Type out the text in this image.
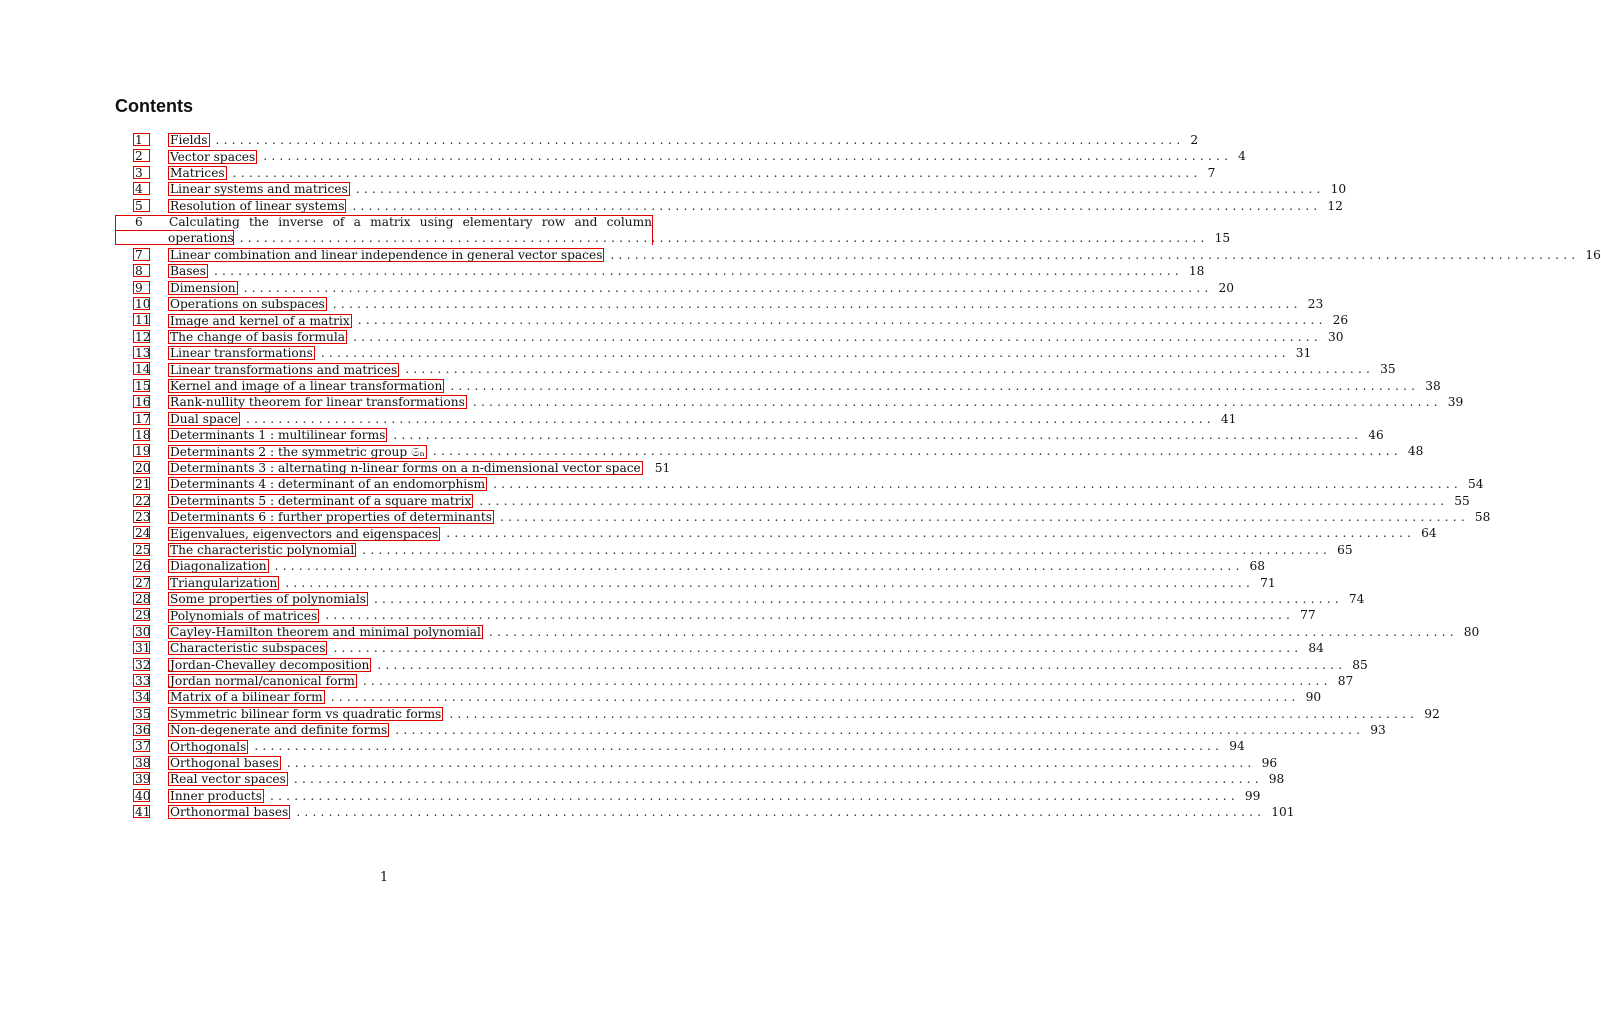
Contents
1 Fields ........................................................................................................................ 2
2 Vector spaces ........................................................................................................................ 4
3 Matrices ........................................................................................................................ 7
4 Linear systems and matrices ........................................................................................................................ 10
5 Resolution of linear systems ........................................................................................................................ 12
6 Calculating the inverse of a matrix using elementary row and column
operations ........................................................................................................................ 15
7 Linear combination and linear independence in general vector spaces ........................................................................................................................ 16
8 Bases ........................................................................................................................ 18
9 Dimension ........................................................................................................................ 20
10 Operations on subspaces ........................................................................................................................ 23
11 Image and kernel of a matrix ........................................................................................................................ 26
12 The change of basis formula ........................................................................................................................ 30
13 Linear transformations ........................................................................................................................ 31
14 Linear transformations and matrices ........................................................................................................................ 35
15 Kernel and image of a linear transformation ........................................................................................................................ 38
16 Rank-nullity theorem for linear transformations ........................................................................................................................ 39
17 Dual space ........................................................................................................................ 41
18 Determinants 1 : multilinear forms ........................................................................................................................ 46
19 Determinants 2 : the symmetric group 𝔖ₙ ........................................................................................................................ 48
20 Determinants 3 : alternating n-linear forms on a n-dimensional vector space 51
21 Determinants 4 : determinant of an endomorphism ........................................................................................................................ 54
22 Determinants 5 : determinant of a square matrix ........................................................................................................................ 55
23 Determinants 6 : further properties of determinants ........................................................................................................................ 58
24 Eigenvalues, eigenvectors and eigenspaces ........................................................................................................................ 64
25 The characteristic polynomial ........................................................................................................................ 65
26 Diagonalization ........................................................................................................................ 68
27 Triangularization ........................................................................................................................ 71
28 Some properties of polynomials ........................................................................................................................ 74
29 Polynomials of matrices ........................................................................................................................ 77
30 Cayley-Hamilton theorem and minimal polynomial ........................................................................................................................ 80
31 Characteristic subspaces ........................................................................................................................ 84
32 Jordan-Chevalley decomposition ........................................................................................................................ 85
33 Jordan normal/canonical form ........................................................................................................................ 87
34 Matrix of a bilinear form ........................................................................................................................ 90
35 Symmetric bilinear form vs quadratic forms ........................................................................................................................ 92
36 Non-degenerate and definite forms ........................................................................................................................ 93
37 Orthogonals ........................................................................................................................ 94
38 Orthogonal bases ........................................................................................................................ 96
39 Real vector spaces ........................................................................................................................ 98
40 Inner products ........................................................................................................................ 99
41 Orthonormal bases ........................................................................................................................ 101
1
